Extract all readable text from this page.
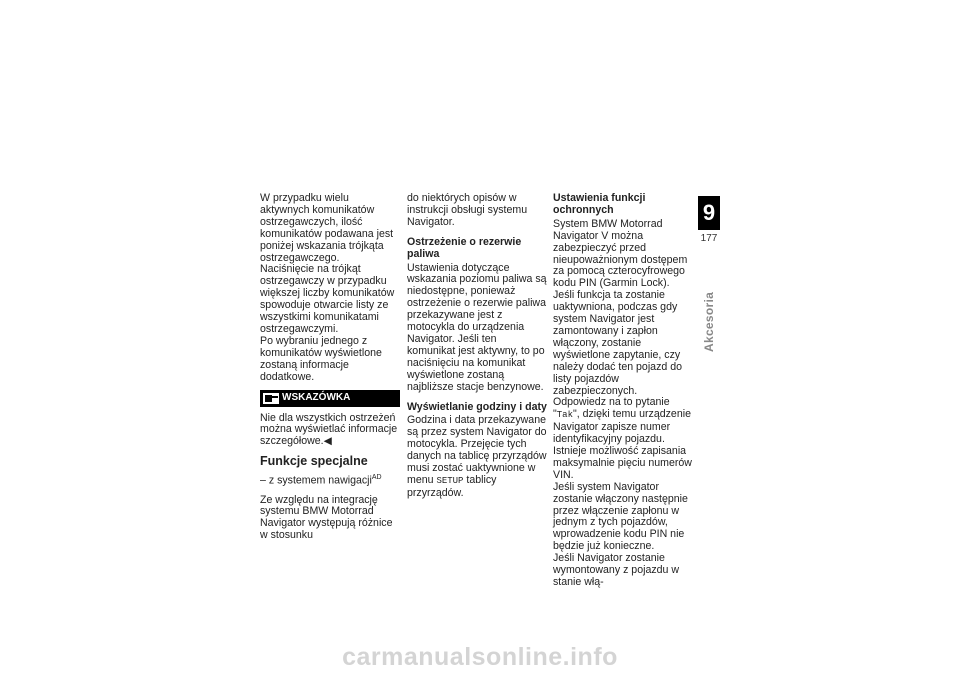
W przypadku wielu aktywnych komunikatów ostrzegawczych, ilość komunikatów podawana jest poniżej wskazania trójkąta ostrzegawczego.

Naciśnięcie na trójkąt ostrzegawczy w przypadku większej liczby komunikatów spowoduje otwarcie listy ze wszystkimi komunikatami ostrzegawczymi.

Po wybraniu jednego z komunikatów wyświetlone zostaną informacje dodatkowe.

WSKAZÓWKA

Nie dla wszystkich ostrzeżeń można wyświetlać informacje szczegółowe.◀

Funkcje specjalne

– z systemem nawigacji$^{AD}$

Ze względu na integrację systemu BMW Motorrad Navigator występują różnice w stosunku

do niektórych opisów w instrukcji obsługi systemu Navigator.

Ostrzeżenie o rezerwie paliwa

Ustawienia dotyczące wskazania poziomu paliwa są niedostępne, ponieważ ostrzeżenie o rezerwie paliwa przekazywane jest z motocykla do urządzenia Navigator. Jeśli ten komunikat jest aktywny, to po naciśnięciu na komunikat wyświetlone zostaną najbliższe stacje benzynowe.

Wyświetlanie godziny i daty

Godzina i data przekazywane są przez system Navigator do motocykla. Przejęcie tych danych na tablicę przyrządów musi zostać uaktywnione w menu SETUP tablicy przyrządów.

Ustawienia funkcji ochronnych

System BMW Motorrad Navigator V można zabezpieczyć przed nieupoważnionym dostępem za pomocą czterocyfrowego kodu PIN (Garmin Lock). Jeśli funkcja ta zostanie uaktywniona, podczas gdy system Navigator jest zamontowany i zapłon włączony, zostanie wyświetlone zapytanie, czy należy dodać ten pojazd do listy pojazdów zabezpieczonych. Odpowiedz na to pytanie "Tak", dzięki temu urządzenie Navigator zapisze numer identyfikacyjny pojazdu.

Istnieje możliwość zapisania maksymalnie pięciu numerów VIN.

Jeśli system Navigator zostanie włączony następnie przez włączenie zapłonu w jednym z tych pojazdów, wprowadzenie kodu PIN nie będzie już konieczne.

Jeśli Navigator zostanie wymontowany z pojazdu w stanie włą-

9
177
Akcesoria
carmanualsonline.info
